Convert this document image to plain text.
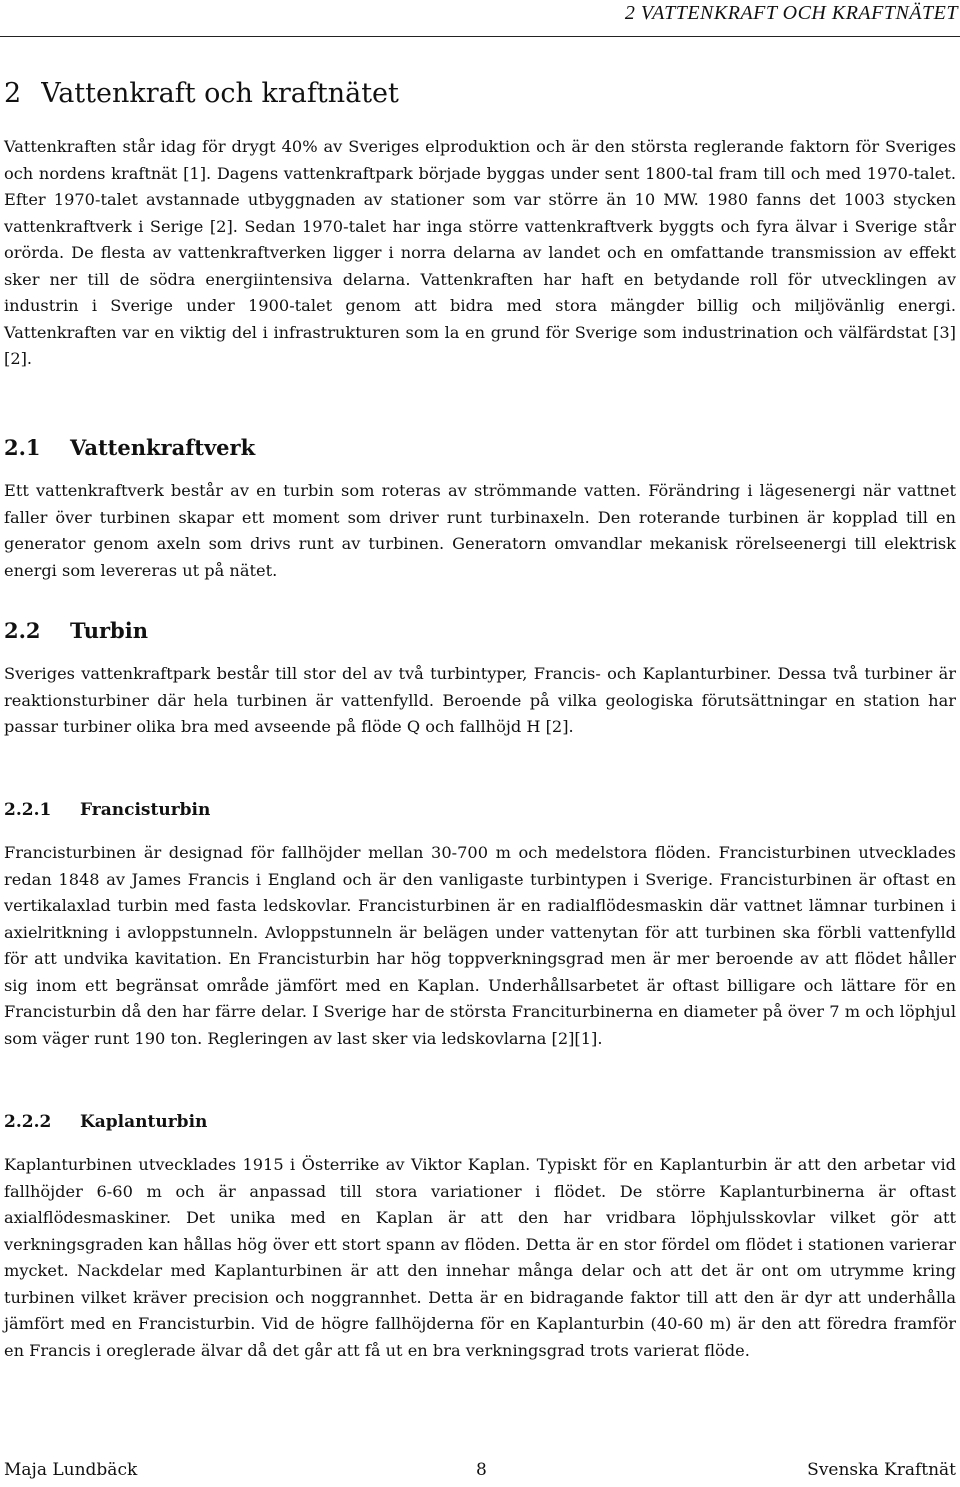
2 VATTENKRAFT OCH KRAFTNÄTET
2 Vattenkraft och kraftnätet

Vattenkraften står idag för drygt 40% av Sveriges elproduktion och är den största reglerande faktorn för Sveriges och nordens kraftnät [1]. Dagens vattenkraftpark började byggas under sent 1800-tal fram till och med 1970-talet. Efter 1970-talet avstannade utbyggnaden av stationer som var större än 10 MW. 1980 fanns det 1003 stycken vattenkraftverk i Serige [2]. Sedan 1970-talet har inga större vattenkraftverk byggts och fyra älvar i Sverige står orörda. De flesta av vattenkraftverken ligger i norra delarna av landet och en omfattande transmission av effekt sker ner till de södra energiintensiva delarna. Vattenkraften har haft en betydande roll för utvecklingen av industrin i Sverige under 1900-talet genom att bidra med stora mängder billig och miljövänlig energi. Vattenkraften var en viktig del i infrastrukturen som la en grund för Sverige som industrination och välfärdstat [3] [2].

2.1 Vattenkraftverk

Ett vattenkraftverk består av en turbin som roteras av strömmande vatten. Förändring i lägesenergi när vattnet faller över turbinen skapar ett moment som driver runt turbinaxeln. Den roterande turbinen är kopplad till en generator genom axeln som drivs runt av turbinen. Generatorn omvandlar mekanisk rörelseenergi till elektrisk energi som levereras ut på nätet.

2.2 Turbin

Sveriges vattenkraftpark består till stor del av två turbintyper, Francis- och Kaplanturbiner. Dessa två turbiner är reaktionsturbiner där hela turbinen är vattenfylld. Beroende på vilka geologiska förutsättningar en station har passar turbiner olika bra med avseende på flöde Q och fallhöjd H [2].

2.2.1 Francisturbin

Francisturbinen är designad för fallhöjder mellan 30-700 m och medelstora flöden. Francisturbinen utvecklades redan 1848 av James Francis i England och är den vanligaste turbintypen i Sverige. Francisturbinen är oftast en vertikalaxlad turbin med fasta ledskovlar. Francisturbinen är en radialflödesmaskin där vattnet lämnar turbinen i axielritkning i avloppstunneln. Avloppstunneln är belägen under vattenytan för att turbinen ska förbli vattenfylld för att undvika kavitation. En Francisturbin har hög toppverkningsgrad men är mer beroende av att flödet håller sig inom ett begränsat område jämfört med en Kaplan. Underhållsarbetet är oftast billigare och lättare för en Francisturbin då den har färre delar. I Sverige har de största Franciturbinerna en diameter på över 7 m och löphjul som väger runt 190 ton. Regleringen av last sker via ledskovlarna [2][1].

2.2.2 Kaplanturbin

Kaplanturbinen utvecklades 1915 i Österrike av Viktor Kaplan. Typiskt för en Kaplanturbin är att den arbetar vid fallhöjder 6-60 m och är anpassad till stora variationer i flödet. De större Kaplanturbinerna är oftast axialflödesmaskiner. Det unika med en Kaplan är att den har vridbara löphjulsskovlar vilket gör att verkningsgraden kan hållas hög över ett stort spann av flöden. Detta är en stor fördel om flödet i stationen varierar mycket. Nackdelar med Kaplanturbinen är att den innehar många delar och att det är ont om utrymme kring turbinen vilket kräver precision och noggrannhet. Detta är en bidragande faktor till att den är dyr att underhålla jämfört med en Francisturbin. Vid de högre fallhöjderna för en Kaplanturbin (40-60 m) är den att föredra framför en Francis i oreglerade älvar då det går att få ut en bra verkningsgrad trots varierat flöde.

Maja Lundbäck	8	Svenska Kraftnät
